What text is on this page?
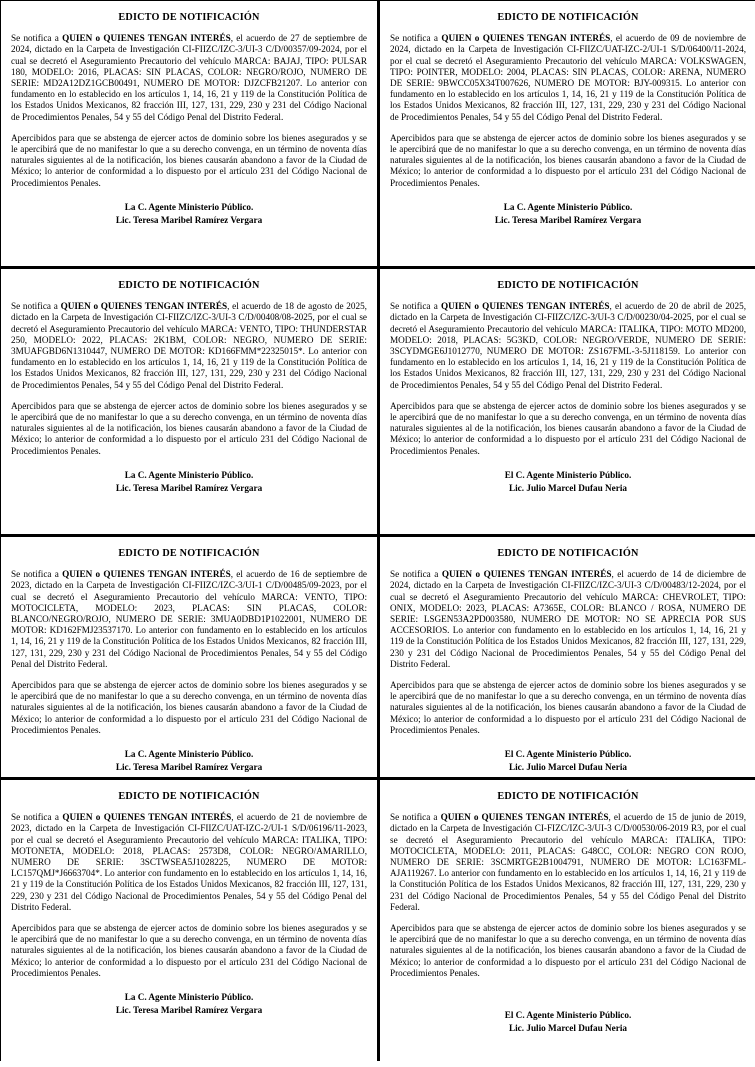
EDICTO DE NOTIFICACIÓN
Se notifica a QUIEN o QUIENES TENGAN INTERÉS, el acuerdo de 27 de septiembre de 2024, dictado en la Carpeta de Investigación CI-FIIZC/IZC-3/UI-3 C/D/00357/09-2024, por el cual se decretó el Aseguramiento Precautorio del vehículo MARCA: BAJAJ, TIPO: PULSAR 180, MODELO: 2016, PLACAS: SIN PLACAS, COLOR: NEGRO/ROJO, NUMERO DE SERIE: MD2A12DZ1GCB00491, NUMERO DE MOTOR: DJZCFB21207. Lo anterior con fundamento en lo establecido en los artículos 1, 14, 16, 21 y 119 de la Constitución Política de los Estados Unidos Mexicanos, 82 fracción III, 127, 131, 229, 230 y 231 del Código Nacional de Procedimientos Penales, 54 y 55 del Código Penal del Distrito Federal.
Apercibidos para que se abstenga de ejercer actos de dominio sobre los bienes asegurados y se le apercibirá que de no manifestar lo que a su derecho convenga, en un término de noventa días naturales siguientes al de la notificación, los bienes causarán abandono a favor de la Ciudad de México; lo anterior de conformidad a lo dispuesto por el artículo 231 del Código Nacional de Procedimientos Penales.
La C. Agente Ministerio Público.
Lic. Teresa Maribel Ramírez Vergara
EDICTO DE NOTIFICACIÓN
Se notifica a QUIEN o QUIENES TENGAN INTERÉS, el acuerdo de 09 de noviembre de 2024, dictado en la Carpeta de Investigación CI-FIIZC/UAT-IZC-2/UI-1 S/D/06400/11-2024, por el cual se decretó el Aseguramiento Precautorio del vehículo MARCA: VOLKSWAGEN, TIPO: POINTER, MODELO: 2004, PLACAS: SIN PLACAS, COLOR: ARENA, NUMERO DE SERIE: 9BWCC05X34T007626, NUMERO DE MOTOR: BJY-009315. Lo anterior con fundamento en lo establecido en los artículos 1, 14, 16, 21 y 119 de la Constitución Política de los Estados Unidos Mexicanos, 82 fracción III, 127, 131, 229, 230 y 231 del Código Nacional de Procedimientos Penales, 54 y 55 del Código Penal del Distrito Federal.
Apercibidos para que se abstenga de ejercer actos de dominio sobre los bienes asegurados y se le apercibirá que de no manifestar lo que a su derecho convenga, en un término de noventa días naturales siguientes al de la notificación, los bienes causarán abandono a favor de la Ciudad de México; lo anterior de conformidad a lo dispuesto por el artículo 231 del Código Nacional de Procedimientos Penales.
La C. Agente Ministerio Público.
Lic. Teresa Maribel Ramírez Vergara
EDICTO DE NOTIFICACIÓN
Se notifica a QUIEN o QUIENES TENGAN INTERÉS, el acuerdo de 18 de agosto de 2025, dictado en la Carpeta de Investigación CI-FIIZC/IZC-3/UI-3 C/D/00408/08-2025, por el cual se decretó el Aseguramiento Precautorio del vehículo MARCA: VENTO, TIPO: THUNDERSTAR 250, MODELO: 2022, PLACAS: 2K1BM, COLOR: NEGRO, NUMERO DE SERIE: 3MUAFGBD6N1310447, NUMERO DE MOTOR: KD166FMM*22325015*. Lo anterior con fundamento en lo establecido en los artículos 1, 14, 16, 21 y 119 de la Constitución Política de los Estados Unidos Mexicanos, 82 fracción III, 127, 131, 229, 230 y 231 del Código Nacional de Procedimientos Penales, 54 y 55 del Código Penal del Distrito Federal.
Apercibidos para que se abstenga de ejercer actos de dominio sobre los bienes asegurados y se le apercibirá que de no manifestar lo que a su derecho convenga, en un término de noventa días naturales siguientes al de la notificación, los bienes causarán abandono a favor de la Ciudad de México; lo anterior de conformidad a lo dispuesto por el artículo 231 del Código Nacional de Procedimientos Penales.
La C. Agente Ministerio Público.
Lic. Teresa Maribel Ramírez Vergara
EDICTO DE NOTIFICACIÓN
Se notifica a QUIEN o QUIENES TENGAN INTERÉS, el acuerdo de 20 de abril de 2025, dictado en la Carpeta de Investigación CI-FIIZC/IZC-3/UI-3 C/D/00230/04-2025, por el cual se decretó el Aseguramiento Precautorio del vehículo MARCA: ITALIKA, TIPO: MOTO MD200, MODELO: 2018, PLACAS: 5G3KD, COLOR: NEGRO/VERDE, NUMERO DE SERIE: 3SCYDMGE6J1012770, NUMERO DE MOTOR: ZS167FML-3-5J118159. Lo anterior con fundamento en lo establecido en los artículos 1, 14, 16, 21 y 119 de la Constitución Política de los Estados Unidos Mexicanos, 82 fracción III, 127, 131, 229, 230 y 231 del Código Nacional de Procedimientos Penales, 54 y 55 del Código Penal del Distrito Federal.
Apercibidos para que se abstenga de ejercer actos de dominio sobre los bienes asegurados y se le apercibirá que de no manifestar lo que a su derecho convenga, en un término de noventa días naturales siguientes al de la notificación, los bienes causarán abandono a favor de la Ciudad de México; lo anterior de conformidad a lo dispuesto por el artículo 231 del Código Nacional de Procedimientos Penales.
El C. Agente Ministerio Público.
Lic. Julio Marcel Dufau Neria
EDICTO DE NOTIFICACIÓN
Se notifica a QUIEN o QUIENES TENGAN INTERÉS, el acuerdo de 16 de septiembre de 2023, dictado en la Carpeta de Investigación CI-FIIZC/IZC-3/UI-1 C/D/00485/09-2023, por el cual se decretó el Aseguramiento Precautorio del vehículo MARCA: VENTO, TIPO: MOTOCICLETA, MODELO: 2023, PLACAS: SIN PLACAS, COLOR: BLANCO/NEGRO/ROJO, NUMERO DE SERIE: 3MUA0DBD1P1022001, NUMERO DE MOTOR: KD162FMJ23537170. Lo anterior con fundamento en lo establecido en los artículos 1, 14, 16, 21 y 119 de la Constitución Política de los Estados Unidos Mexicanos, 82 fracción III, 127, 131, 229, 230 y 231 del Código Nacional de Procedimientos Penales, 54 y 55 del Código Penal del Distrito Federal.
Apercibidos para que se abstenga de ejercer actos de dominio sobre los bienes asegurados y se le apercibirá que de no manifestar lo que a su derecho convenga, en un término de noventa días naturales siguientes al de la notificación, los bienes causarán abandono a favor de la Ciudad de México; lo anterior de conformidad a lo dispuesto por el artículo 231 del Código Nacional de Procedimientos Penales.
La C. Agente Ministerio Público.
Lic. Teresa Maribel Ramírez Vergara
EDICTO DE NOTIFICACIÓN
Se notifica a QUIEN o QUIENES TENGAN INTERÉS, el acuerdo de 14 de diciembre de 2024, dictado en la Carpeta de Investigación CI-FIIZC/IZC-3/UI-3 C/D/00483/12-2024, por el cual se decretó el Aseguramiento Precautorio del vehículo MARCA: CHEVROLET, TIPO: ONIX, MODELO: 2023, PLACAS: A7365E, COLOR: BLANCO / ROSA, NUMERO DE SERIE: LSGEN53A2PD003580, NUMERO DE MOTOR: NO SE APRECIA POR SUS ACCESORIOS. Lo anterior con fundamento en lo establecido en los artículos 1, 14, 16, 21 y 119 de la Constitución Política de los Estados Unidos Mexicanos, 82 fracción III, 127, 131, 229, 230 y 231 del Código Nacional de Procedimientos Penales, 54 y 55 del Código Penal del Distrito Federal.
Apercibidos para que se abstenga de ejercer actos de dominio sobre los bienes asegurados y se le apercibirá que de no manifestar lo que a su derecho convenga, en un término de noventa días naturales siguientes al de la notificación, los bienes causarán abandono a favor de la Ciudad de México; lo anterior de conformidad a lo dispuesto por el artículo 231 del Código Nacional de Procedimientos Penales.
El C. Agente Ministerio Público.
Lic. Julio Marcel Dufau Neria
EDICTO DE NOTIFICACIÓN
Se notifica a QUIEN o QUIENES TENGAN INTERÉS, el acuerdo de 21 de noviembre de 2023, dictado en la Carpeta de Investigación CI-FIIZC/UAT-IZC-2/UI-1 S/D/06196/11-2023, por el cual se decretó el Aseguramiento Precautorio del vehículo MARCA: ITALIKA, TIPO: MOTONETA, MODELO: 2018, PLACAS: 2573D8, COLOR: NEGRO/AMARILLO, NUMERO DE SERIE: 3SCTWSEA5J1028225, NUMERO DE MOTOR: LC157QMJ*J6663704*. Lo anterior con fundamento en lo establecido en los artículos 1, 14, 16, 21 y 119 de la Constitución Política de los Estados Unidos Mexicanos, 82 fracción III, 127, 131, 229, 230 y 231 del Código Nacional de Procedimientos Penales, 54 y 55 del Código Penal del Distrito Federal.
Apercibidos para que se abstenga de ejercer actos de dominio sobre los bienes asegurados y se le apercibirá que de no manifestar lo que a su derecho convenga, en un término de noventa días naturales siguientes al de la notificación, los bienes causarán abandono a favor de la Ciudad de México; lo anterior de conformidad a lo dispuesto por el artículo 231 del Código Nacional de Procedimientos Penales.
La C. Agente Ministerio Público.
Lic. Teresa Maribel Ramírez Vergara
EDICTO DE NOTIFICACIÓN
Se notifica a QUIEN o QUIENES TENGAN INTERÉS, el acuerdo de 15 de junio de 2019, dictado en la Carpeta de Investigación CI-FIZC/IZC-3/UI-3 C/D/00530/06-2019 R3, por el cual se decretó el Aseguramiento Precautorio del vehículo MARCA: ITALIKA, TIPO: MOTOCICLETA, MODELO: 2011, PLACAS: G48CC, COLOR: NEGRO CON ROJO, NUMERO DE SERIE: 3SCMRTGE2B1004791, NUMERO DE MOTOR: LC163FML-AJA119267. Lo anterior con fundamento en lo establecido en los artículos 1, 14, 16, 21 y 119 de la Constitución Política de los Estados Unidos Mexicanos, 82 fracción III, 127, 131, 229, 230 y 231 del Código Nacional de Procedimientos Penales, 54 y 55 del Código Penal del Distrito Federal.
Apercibidos para que se abstenga de ejercer actos de dominio sobre los bienes asegurados y se le apercibirá que de no manifestar lo que a su derecho convenga, en un término de noventa días naturales siguientes al de la notificación, los bienes causarán abandono a favor de la Ciudad de México; lo anterior de conformidad a lo dispuesto por el artículo 231 del Código Nacional de Procedimientos Penales.
El C. Agente Ministerio Público.
Lic. Julio Marcel Dufau Neria
